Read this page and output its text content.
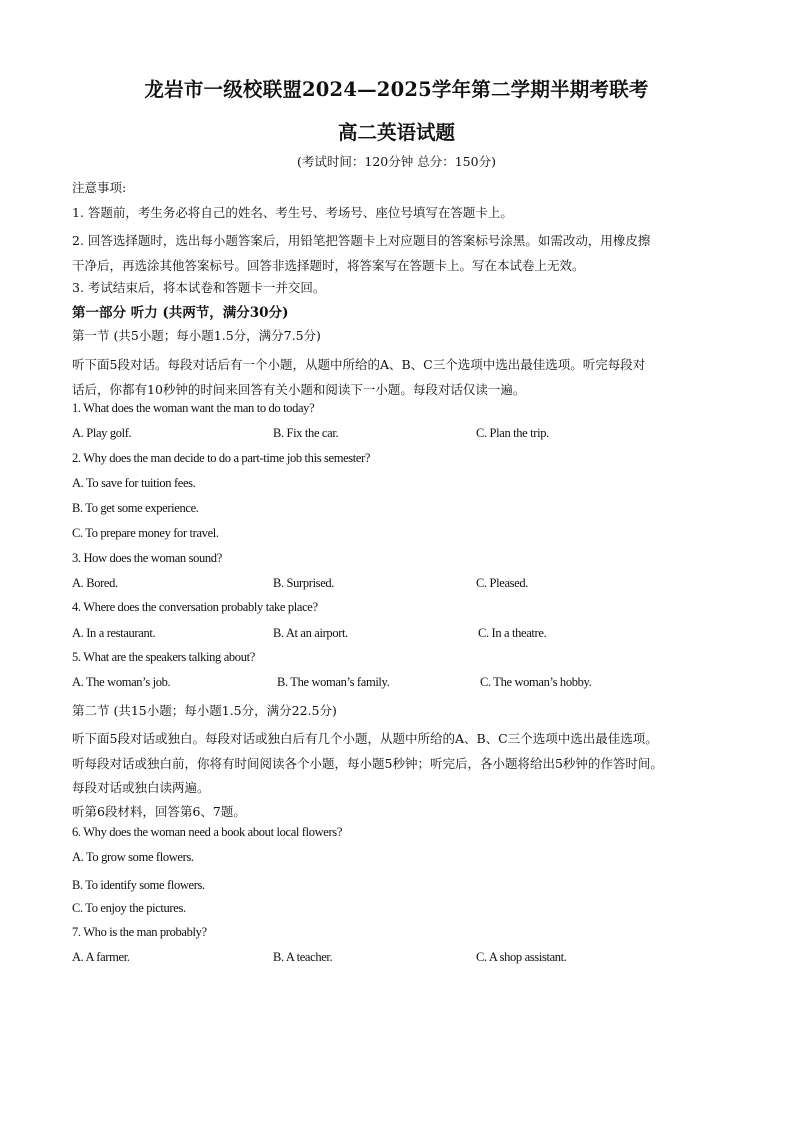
龙岩市一级校联盟2024—2025学年第二学期半期考联考
高二英语试题
(考试时间：120分钟 总分：150分)
注意事项:
1. 答题前，考生务必将自己的姓名、考生号、考场号、座位号填写在答题卡上。
2. 回答选择题时，选出每小题答案后，用铅笔把答题卡上对应题目的答案标号涂黑。如需改动，用橡皮擦
干净后，再选涂其他答案标号。回答非选择题时，将答案写在答题卡上。写在本试卷上无效。
3. 考试结束后，将本试卷和答题卡一并交回。
第一部分 听力 (共两节，满分30分)
第一节 (共5小题；每小题1.5分，满分7.5分)
听下面5段对话。每段对话后有一个小题，从题中所给的A、B、C三个选项中选出最佳选项。听完每段对
话后，你都有10秒钟的时间来回答有关小题和阅读下一小题。每段对话仅读一遍。
1. What does the woman want the man to do today?
A. Play golf.	B. Fix the car.	C. Plan the trip.
2. Why does the man decide to do a part-time job this semester?
A. To save for tuition fees.
B. To get some experience.
C. To prepare money for travel.
3. How does the woman sound?
A. Bored.	B. Surprised.	C. Pleased.
4. Where does the conversation probably take place?
A. In a restaurant.	B. At an airport.	C. In a theatre.
5. What are the speakers talking about?
A. The woman’s job.	B. The woman’s family.	C. The woman’s hobby.
第二节 (共15小题；每小题1.5分，满分22.5分)
听下面5段对话或独白。每段对话或独白后有几个小题，从题中所给的A、B、C三个选项中选出最佳选项。
听每段对话或独白前，你将有时间阅读各个小题，每小题5秒钟；听完后，各小题将给出5秒钟的作答时间。
每段对话或独白读两遍。
听第6段材料，回答第6、7题。
6. Why does the woman need a book about local flowers?
A. To grow some flowers.
B. To identify some flowers.
C. To enjoy the pictures.
7. Who is the man probably?
A. A farmer.	B. A teacher.	C. A shop assistant.
